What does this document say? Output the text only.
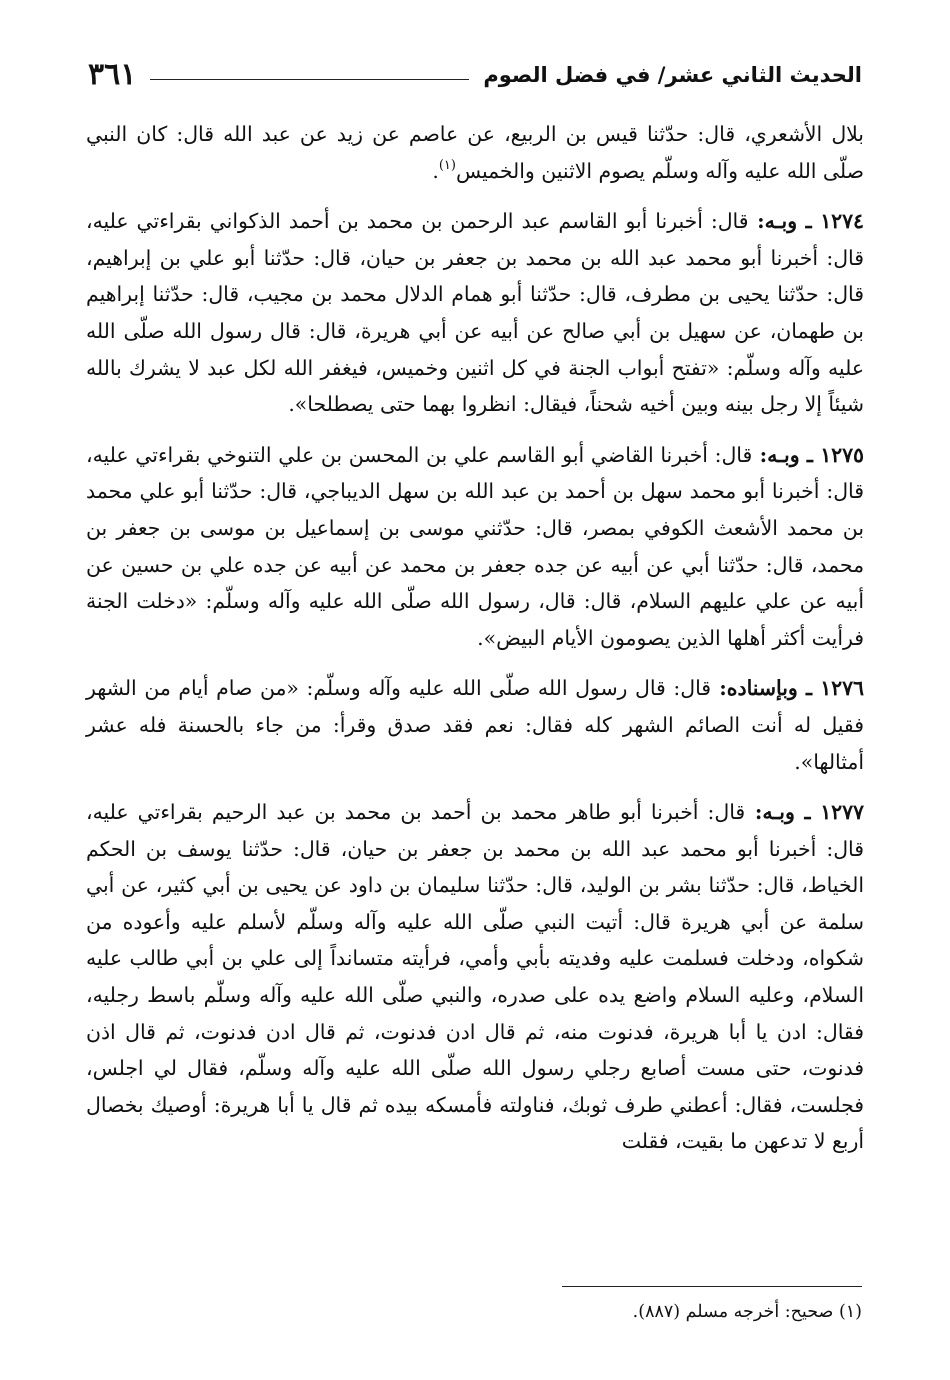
الحديث الثاني عشر/ في فضل الصوم
٣٦١

بلال الأشعري، قال: حدّثنا قيس بن الربيع، عن عاصم عن زيد عن عبد الله قال: كان النبي صلّى الله عليه وآله وسلّم يصوم الاثنين والخميس$^{(١)}$.

١٢٧٤ ـ وبـه: قال: أخبرنا أبو القاسم عبد الرحمن بن محمد بن أحمد الذكواني بقراءتي عليه، قال: أخبرنا أبو محمد عبد الله بن محمد بن جعفر بن حيان، قال: حدّثنا أبو علي بن إبراهيم، قال: حدّثنا يحيى بن مطرف، قال: حدّثنا أبو همام الدلال محمد بن مجيب، قال: حدّثنا إبراهيم بن طهمان، عن سهيل بن أبي صالح عن أبيه عن أبي هريرة، قال: قال رسول الله صلّى الله عليه وآله وسلّم: «تفتح أبواب الجنة في كل اثنين وخميس، فيغفر الله لكل عبد لا يشرك بالله شيئاً إلا رجل بينه وبين أخيه شحناً، فيقال: انظروا بهما حتى يصطلحا».

١٢٧٥ ـ وبـه: قال: أخبرنا القاضي أبو القاسم علي بن المحسن بن علي التنوخي بقراءتي عليه، قال: أخبرنا أبو محمد سهل بن أحمد بن عبد الله بن سهل الديباجي، قال: حدّثنا أبو علي محمد بن محمد الأشعث الكوفي بمصر، قال: حدّثني موسى بن إسماعيل بن موسى بن جعفر بن محمد، قال: حدّثنا أبي عن أبيه عن جده جعفر بن محمد عن أبيه عن جده علي بن حسين عن أبيه عن علي عليهم السلام، قال: قال، رسول الله صلّى الله عليه وآله وسلّم: «دخلت الجنة فرأيت أكثر أهلها الذين يصومون الأيام البيض».

١٢٧٦ ـ وبإسناده: قال: قال رسول الله صلّى الله عليه وآله وسلّم: «من صام أيام من الشهر فقيل له أنت الصائم الشهر كله فقال: نعم فقد صدق وقرأ: من جاء بالحسنة فله عشر أمثالها».

١٢٧٧ ـ وبـه: قال: أخبرنا أبو طاهر محمد بن أحمد بن محمد بن عبد الرحيم بقراءتي عليه، قال: أخبرنا أبو محمد عبد الله بن محمد بن جعفر بن حيان، قال: حدّثنا يوسف بن الحكم الخياط، قال: حدّثنا بشر بن الوليد، قال: حدّثنا سليمان بن داود عن يحيى بن أبي كثير، عن أبي سلمة عن أبي هريرة قال: أتيت النبي صلّى الله عليه وآله وسلّم لأسلم عليه وأعوده من شكواه، ودخلت فسلمت عليه وفديته بأبي وأمي، فرأيته متسانداً إلى علي بن أبي طالب عليه السلام، وعليه السلام واضع يده على صدره، والنبي صلّى الله عليه وآله وسلّم باسط رجليه، فقال: ادن يا أبا هريرة، فدنوت منه، ثم قال ادن فدنوت، ثم قال ادن فدنوت، ثم قال اذن فدنوت، حتى مست أصابع رجلي رسول الله صلّى الله عليه وآله وسلّم، فقال لي اجلس، فجلست، فقال: أعطني طرف ثوبك، فناولته فأمسكه بيده ثم قال يا أبا هريرة: أوصيك بخصال أربع لا تدعهن ما بقيت، فقلت

(١) صحيح: أخرجه مسلم (٨٨٧).
